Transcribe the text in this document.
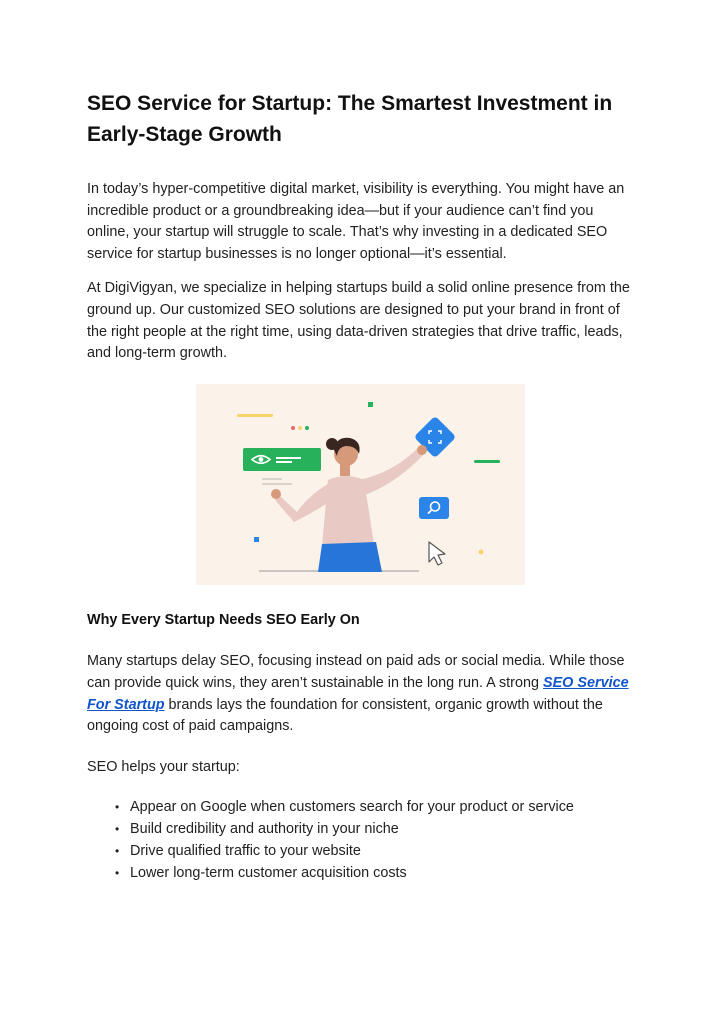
SEO Service for Startup: The Smartest Investment in Early-Stage Growth

In today’s hyper-competitive digital market, visibility is everything. You might have an incredible product or a groundbreaking idea—but if your audience can’t find you online, your startup will struggle to scale. That’s why investing in a dedicated SEO service for startup businesses is no longer optional—it’s essential.

At DigiVigyan, we specialize in helping startups build a solid online presence from the ground up. Our customized SEO solutions are designed to put your brand in front of the right people at the right time, using data-driven strategies that drive traffic, leads, and long-term growth.

Why Every Startup Needs SEO Early On

Many startups delay SEO, focusing instead on paid ads or social media. While those can provide quick wins, they aren’t sustainable in the long run. A strong SEO Service For Startup brands lays the foundation for consistent, organic growth without the ongoing cost of paid campaigns.

SEO helps your startup:

• Appear on Google when customers search for your product or service
• Build credibility and authority in your niche
• Drive qualified traffic to your website
• Lower long-term customer acquisition costs
